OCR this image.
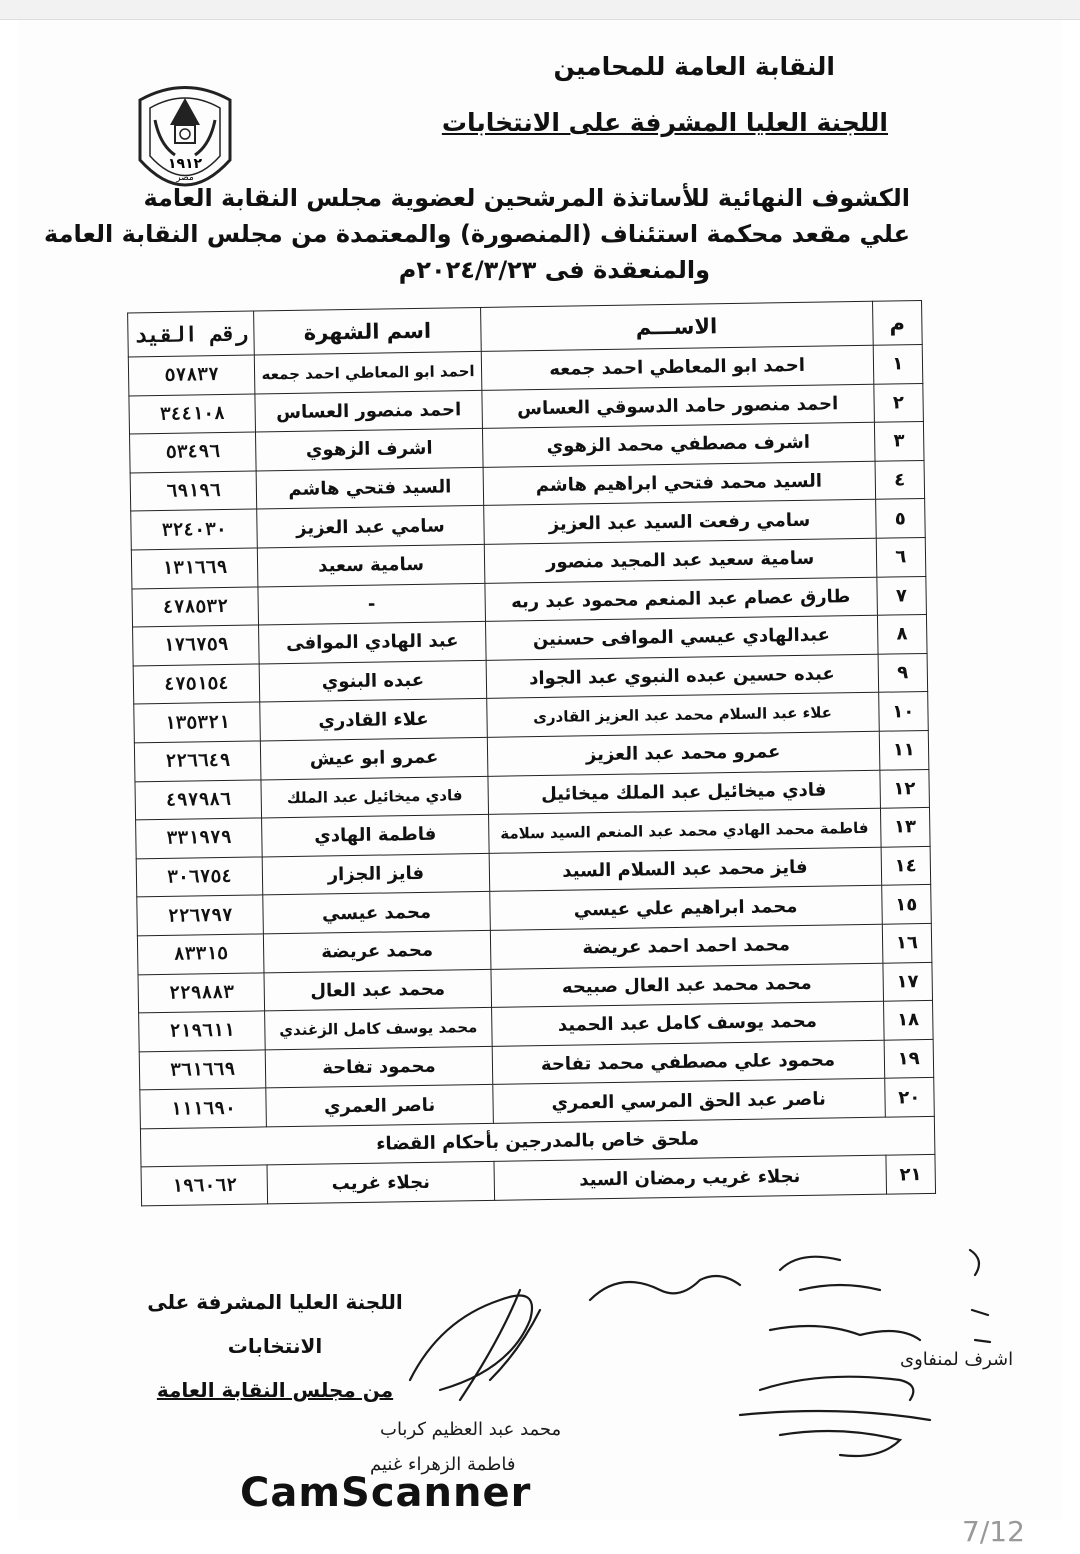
النقابة العامة للمحامين
اللجنة العليا المشرفة على الانتخابات
١٩١٢
مصر
الكشوف النهائية للأساتذة المرشحين لعضوية مجلس النقابة العامة
علي مقعد محكمة استئناف (المنصورة) والمعتمدة من مجلس النقابة العامة
والمنعقدة فى ٢٠٢٤/٣/٢٣م
م	الاســـم	اسم الشهرة	رقم القيد
١	احمد ابو المعاطي احمد جمعه	احمد ابو المعاطي احمد جمعه	٥٧٨٣٧
٢	احمد منصور حامد الدسوقي العساس	احمد منصور العساس	٣٤٤١٠٨
٣	اشرف مصطفي محمد الزهوي	اشرف الزهوي	٥٣٤٩٦
٤	السيد محمد فتحي ابراهيم هاشم	السيد فتحي هاشم	٦٩١٩٦
٥	سامي رفعت السيد عبد العزيز	سامي عبد العزيز	٣٢٤٠٣٠
٦	سامية سعيد عبد المجيد منصور	سامية سعيد	١٣١٦٦٩
٧	طارق عصام عبد المنعم محمود عبد ربه	-	٤٧٨٥٣٢
٨	عبدالهادي عيسي الموافى حسنين	عبد الهادي الموافى	١٧٦٧٥٩
٩	عبده حسين عبده النبوي عبد الجواد	عبده البنوي	٤٧٥١٥٤
١٠	علاء عبد السلام محمد عبد العزيز القادرى	علاء القادري	١٣٥٣٢١
١١	عمرو محمد عبد العزيز	عمرو ابو عيش	٢٢٦٦٤٩
١٢	فادي ميخائيل عبد الملك ميخائيل	فادي ميخائيل عبد الملك	٤٩٧٩٨٦
١٣	فاطمة محمد الهادي محمد عبد المنعم السيد سلامة	فاطمة الهادي	٣٣١٩٧٩
١٤	فايز محمد عبد السلام السيد	فايز الجزار	٣٠٦٧٥٤
١٥	محمد ابراهيم علي عيسي	محمد عيسي	٢٢٦٧٩٧
١٦	محمد احمد احمد عريضة	محمد عريضة	٨٣٣١٥
١٧	محمد محمد عبد العال صبيحه	محمد عبد العال	٢٢٩٨٨٣
١٨	محمد يوسف كامل عبد الحميد	محمد يوسف كامل الزغندي	٢١٩٦١١
١٩	محمود علي مصطفي محمد تفاحة	محمود تفاحة	٣٦١٦٦٩
٢٠	ناصر عبد الحق المرسي العمري	ناصر العمري	١١١٦٩٠
ملحق خاص بالمدرجين بأحكام القضاء			
٢١	نجلاء غريب رمضان السيد	نجلاء غريب	١٩٦٠٦٢
اللجنة العليا المشرفة على الانتخابات
من مجلس النقابة العامة
محمد عبد العظيم كرباب
فاطمة الزهراء غنيم
اشرف لمنفاوى
CamScanner
7/12
